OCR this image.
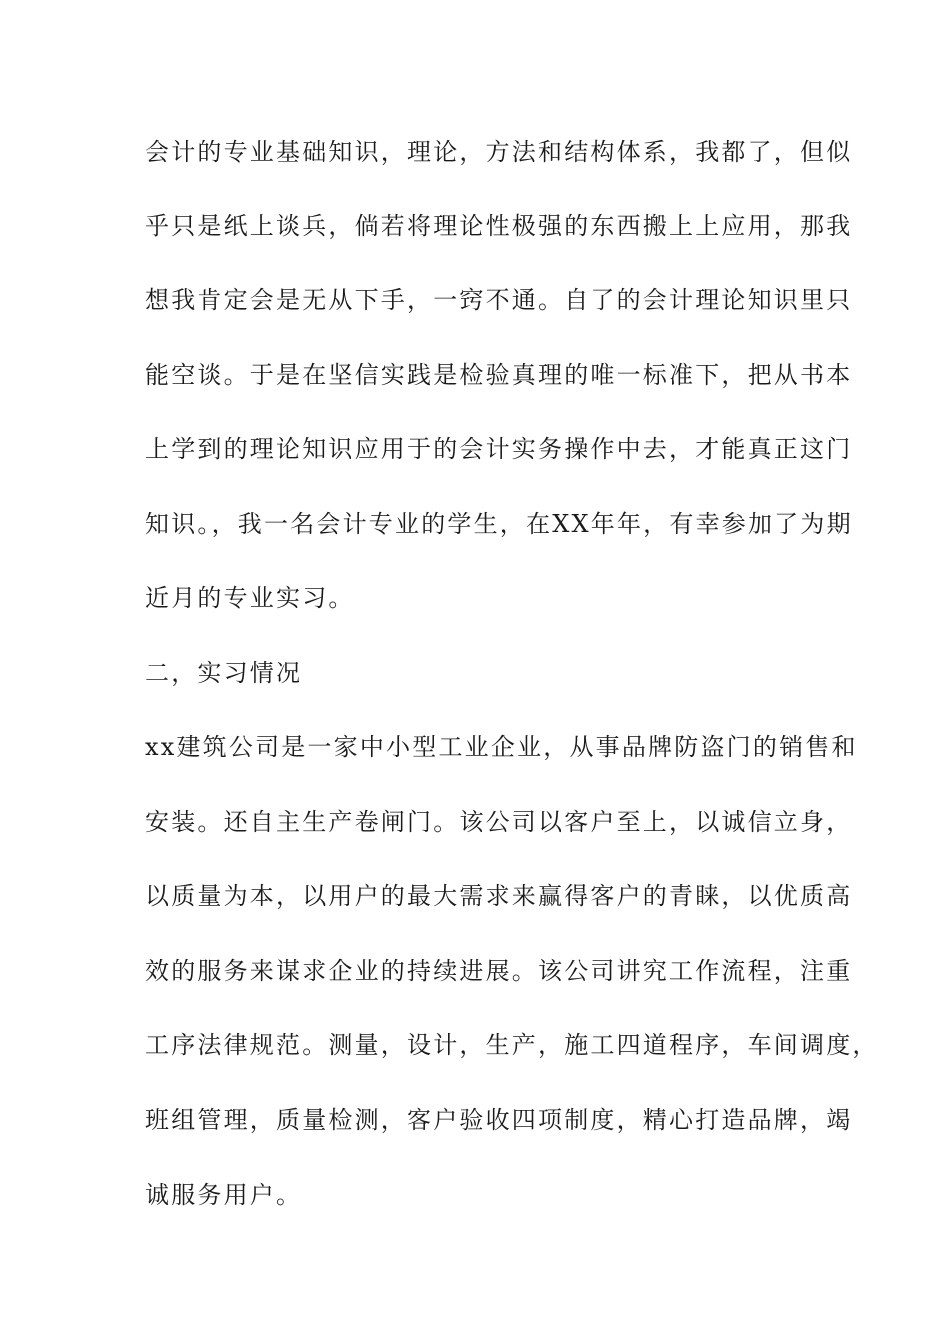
会计的专业基础知识，理论，方法和结构体系，我都了，但似
乎只是纸上谈兵，倘若将理论性极强的东西搬上上应用，那我
想我肯定会是无从下手，一窍不通。自了的会计理论知识里只
能空谈。于是在坚信实践是检验真理的唯一标准下，把从书本
上学到的理论知识应用于的会计实务操作中去，才能真正这门
知识。，我一名会计专业的学生，在XX年年，有幸参加了为期
近月的专业实习。
二，实习情况
xx建筑公司是一家中小型工业企业，从事品牌防盗门的销售和
安装。还自主生产卷闸门。该公司以客户至上，以诚信立身，
以质量为本，以用户的最大需求来赢得客户的青睐，以优质高
效的服务来谋求企业的持续进展。该公司讲究工作流程，注重
工序法律规范。测量，设计，生产，施工四道程序，车间调度，
班组管理，质量检测，客户验收四项制度，精心打造品牌，竭
诚服务用户。
